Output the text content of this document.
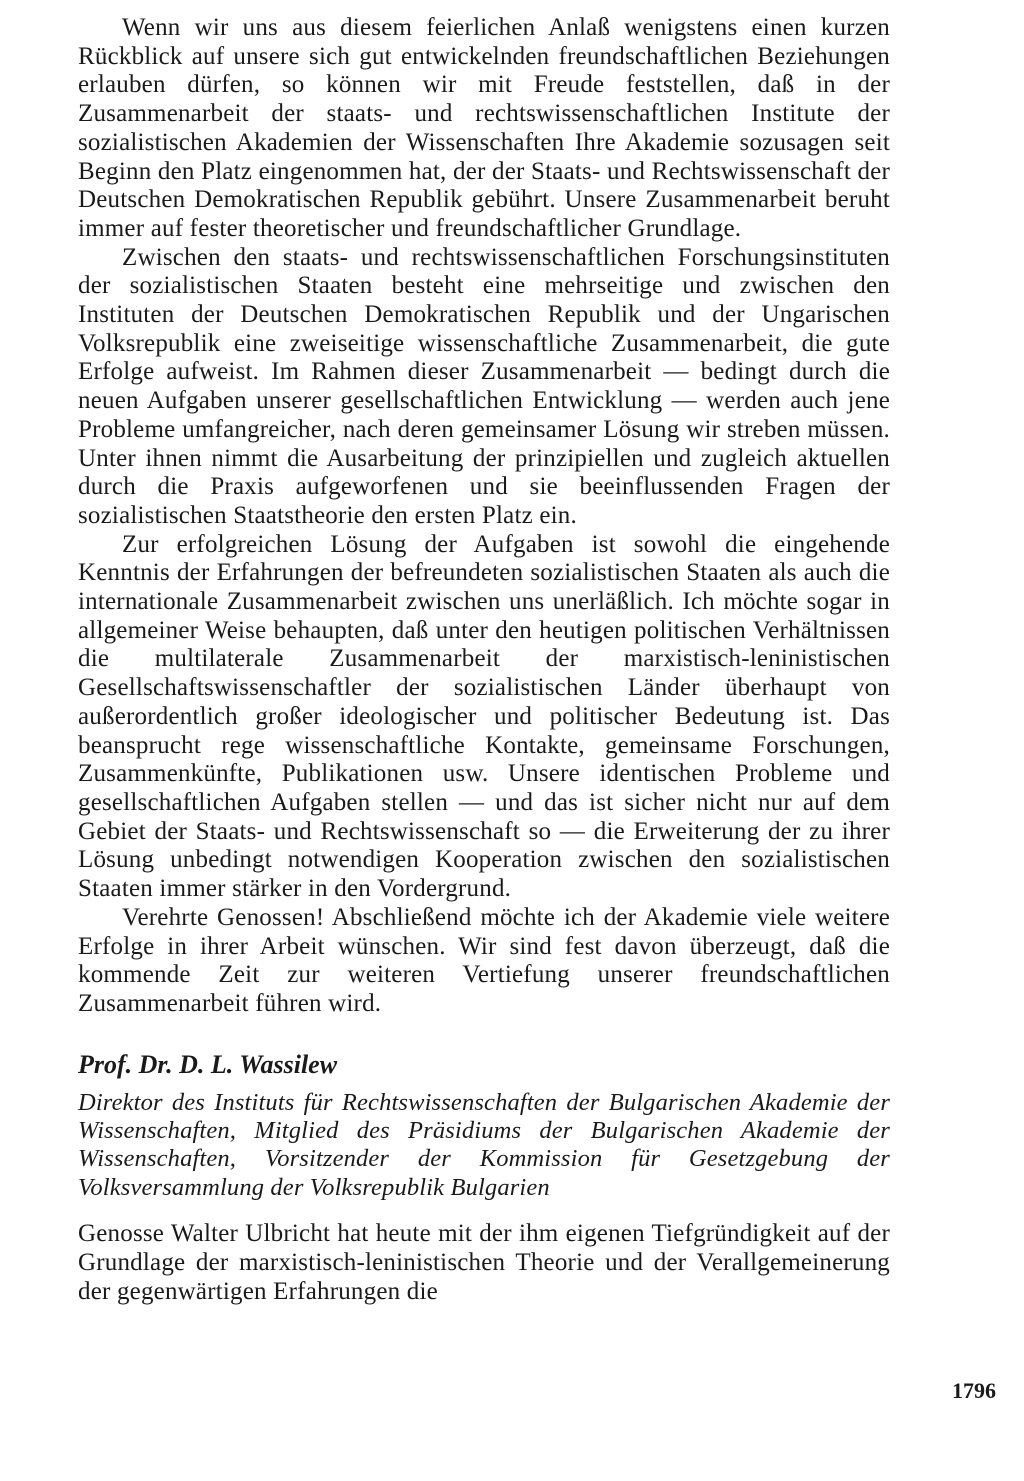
Wenn wir uns aus diesem feierlichen Anlaß wenigstens einen kurzen Rückblick auf unsere sich gut entwickelnden freundschaftlichen Beziehungen erlauben dürfen, so können wir mit Freude feststellen, daß in der Zusammenarbeit der staats- und rechtswissenschaftlichen Institute der sozialistischen Akademien der Wissenschaften Ihre Akademie sozusagen seit Beginn den Platz eingenommen hat, der der Staats- und Rechtswissenschaft der Deutschen Demokratischen Republik gebührt. Unsere Zusammenarbeit beruht immer auf fester theoretischer und freundschaftlicher Grundlage.

Zwischen den staats- und rechtswissenschaftlichen Forschungsinstituten der sozialistischen Staaten besteht eine mehrseitige und zwischen den Instituten der Deutschen Demokratischen Republik und der Ungarischen Volksrepublik eine zweiseitige wissenschaftliche Zusammenarbeit, die gute Erfolge aufweist. Im Rahmen dieser Zusammenarbeit — bedingt durch die neuen Aufgaben unserer gesellschaftlichen Entwicklung — werden auch jene Probleme umfangreicher, nach deren gemeinsamer Lösung wir streben müssen. Unter ihnen nimmt die Ausarbeitung der prinzipiellen und zugleich aktuellen durch die Praxis aufgeworfenen und sie beeinflussenden Fragen der sozialistischen Staatstheorie den ersten Platz ein.

Zur erfolgreichen Lösung der Aufgaben ist sowohl die eingehende Kenntnis der Erfahrungen der befreundeten sozialistischen Staaten als auch die internationale Zusammenarbeit zwischen uns unerläßlich. Ich möchte sogar in allgemeiner Weise behaupten, daß unter den heutigen politischen Verhältnissen die multilaterale Zusammenarbeit der marxistisch-leninistischen Gesellschaftswissenschaftler der sozialistischen Länder überhaupt von außerordentlich großer ideologischer und politischer Bedeutung ist. Das beansprucht rege wissenschaftliche Kontakte, gemeinsame Forschungen, Zusammenkünfte, Publikationen usw. Unsere identischen Probleme und gesellschaftlichen Aufgaben stellen — und das ist sicher nicht nur auf dem Gebiet der Staats- und Rechtswissenschaft so — die Erweiterung der zu ihrer Lösung unbedingt notwendigen Kooperation zwischen den sozialistischen Staaten immer stärker in den Vordergrund.

Verehrte Genossen! Abschließend möchte ich der Akademie viele weitere Erfolge in ihrer Arbeit wünschen. Wir sind fest davon überzeugt, daß die kommende Zeit zur weiteren Vertiefung unserer freundschaftlichen Zusammenarbeit führen wird.

Prof. Dr. D. L. Wassilew

Direktor des Instituts für Rechtswissenschaften der Bulgarischen Akademie der Wissenschaften, Mitglied des Präsidiums der Bulgarischen Akademie der Wissenschaften, Vorsitzender der Kommission für Gesetzgebung der Volksversammlung der Volksrepublik Bulgarien

Genosse Walter Ulbricht hat heute mit der ihm eigenen Tiefgründigkeit auf der Grundlage der marxistisch-leninistischen Theorie und der Verallgemeinerung der gegenwärtigen Erfahrungen die

1796
